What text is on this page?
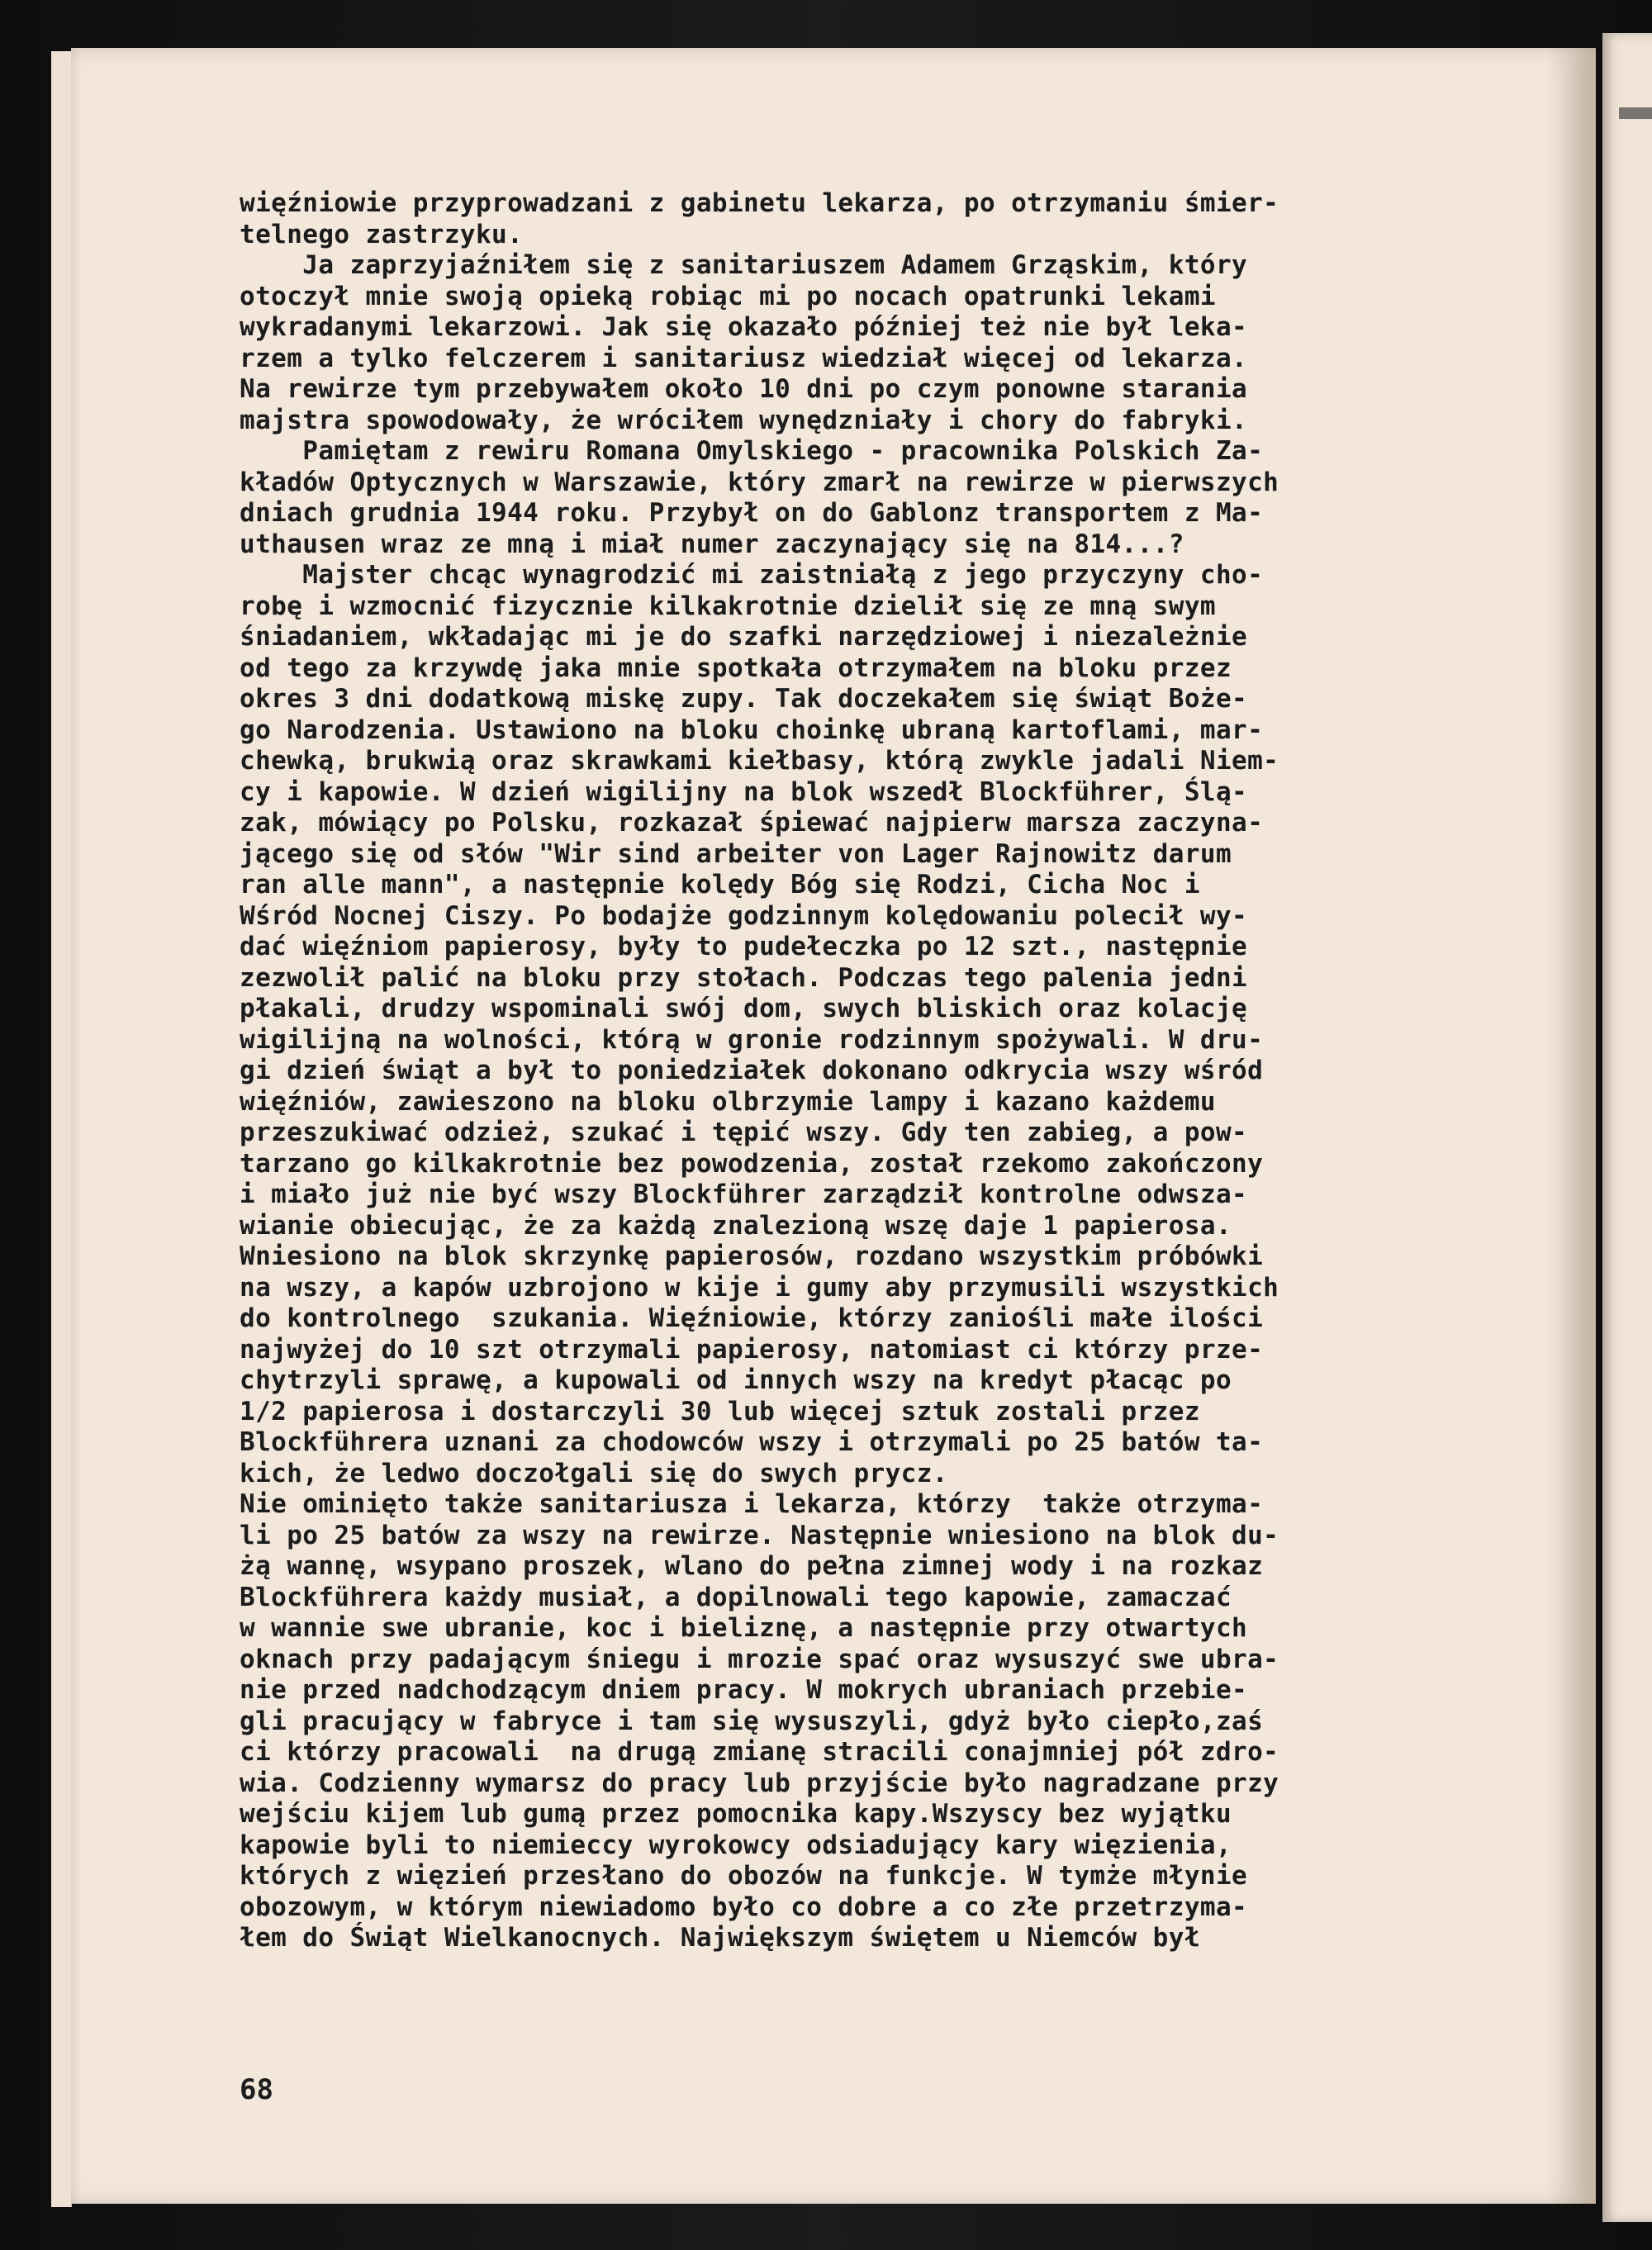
więźniowie przyprowadzani z gabinetu lekarza, po otrzymaniu śmier-
telnego zastrzyku.
Ja zaprzyjaźniłem się z sanitariuszem Adamem Grząskim, który
otoczył mnie swoją opieką robiąc mi po nocach opatrunki lekami
wykradanymi lekarzowi. Jak się okazało później też nie był leka-
rzem a tylko felczerem i sanitariusz wiedział więcej od lekarza.
Na rewirze tym przebywałem około 10 dni po czym ponowne starania
majstra spowodowały, że wróciłem wynędzniały i chory do fabryki.
Pamiętam z rewiru Romana Omylskiego - pracownika Polskich Za-
kładów Optycznych w Warszawie, który zmarł na rewirze w pierwszych
dniach grudnia 1944 roku. Przybył on do Gablonz transportem z Ma-
uthausen wraz ze mną i miał numer zaczynający się na 814...?
Majster chcąc wynagrodzić mi zaistniałą z jego przyczyny cho-
robę i wzmocnić fizycznie kilkakrotnie dzielił się ze mną swym
śniadaniem, wkładając mi je do szafki narzędziowej i niezależnie
od tego za krzywdę jaka mnie spotkała otrzymałem na bloku przez
okres 3 dni dodatkową miskę zupy. Tak doczekałem się świąt Boże-
go Narodzenia. Ustawiono na bloku choinkę ubraną kartoflami, mar-
chewką, brukwią oraz skrawkami kiełbasy, którą zwykle jadali Niem-
cy i kapowie. W dzień wigilijny na blok wszedł Blockführer, Ślą-
zak, mówiący po Polsku, rozkazał śpiewać najpierw marsza zaczyna-
jącego się od słów "Wir sind arbeiter von Lager Rajnowitz darum
ran alle mann", a następnie kolędy Bóg się Rodzi, Cicha Noc i
Wśród Nocnej Ciszy. Po bodajże godzinnym kolędowaniu polecił wy-
dać więźniom papierosy, były to pudełeczka po 12 szt., następnie
zezwolił palić na bloku przy stołach. Podczas tego palenia jedni
płakali, drudzy wspominali swój dom, swych bliskich oraz kolację
wigilijną na wolności, którą w gronie rodzinnym spożywali. W dru-
gi dzień świąt a był to poniedziałek dokonano odkrycia wszy wśród
więźniów, zawieszono na bloku olbrzymie lampy i kazano każdemu
przeszukiwać odzież, szukać i tępić wszy. Gdy ten zabieg, a pow-
tarzano go kilkakrotnie bez powodzenia, został rzekomo zakończony
i miało już nie być wszy Blockführer zarządził kontrolne odwsza-
wianie obiecując, że za każdą znalezioną wszę daje 1 papierosa.
Wniesiono na blok skrzynkę papierosów, rozdano wszystkim próbówki
na wszy, a kapów uzbrojono w kije i gumy aby przymusili wszystkich
do kontrolnego  szukania. Więźniowie, którzy zaniośli małe ilości
najwyżej do 10 szt otrzymali papierosy, natomiast ci którzy prze-
chytrzyli sprawę, a kupowali od innych wszy na kredyt płacąc po
1/2 papierosa i dostarczyli 30 lub więcej sztuk zostali przez
Blockführera uznani za chodowców wszy i otrzymali po 25 batów ta-
kich, że ledwo doczołgali się do swych prycz.
Nie ominięto także sanitariusza i lekarza, którzy  także otrzyma-
li po 25 batów za wszy na rewirze. Następnie wniesiono na blok du-
żą wannę, wsypano proszek, wlano do pełna zimnej wody i na rozkaz
Blockführera każdy musiał, a dopilnowali tego kapowie, zamaczać
w wannie swe ubranie, koc i bieliznę, a następnie przy otwartych
oknach przy padającym śniegu i mrozie spać oraz wysuszyć swe ubra-
nie przed nadchodzącym dniem pracy. W mokrych ubraniach przebie-
gli pracujący w fabryce i tam się wysuszyli, gdyż było ciepło,zaś
ci którzy pracowali  na drugą zmianę stracili conajmniej pół zdro-
wia. Codzienny wymarsz do pracy lub przyjście było nagradzane przy
wejściu kijem lub gumą przez pomocnika kapy.Wszyscy bez wyjątku
kapowie byli to niemieccy wyrokowcy odsiadujący kary więzienia,
których z więzień przesłano do obozów na funkcje. W tymże młynie
obozowym, w którym niewiadomo było co dobre a co złe przetrzyma-
łem do Świąt Wielkanocnych. Największym świętem u Niemców był
68
